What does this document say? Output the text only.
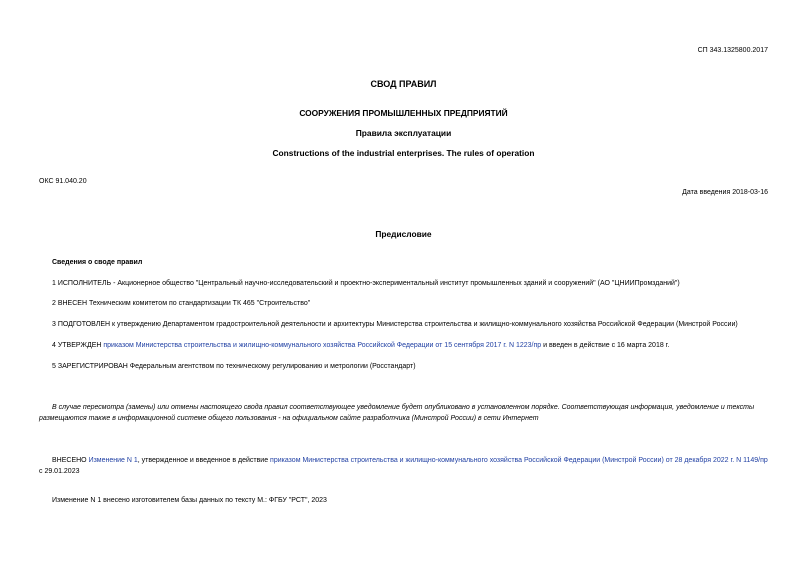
СП 343.1325800.2017
СВОД ПРАВИЛ
СООРУЖЕНИЯ ПРОМЫШЛЕННЫХ ПРЕДПРИЯТИЙ
Правила эксплуатации
Constructions of the industrial enterprises. The rules of operation
ОКС 91.040.20
Дата введения 2018-03-16
Предисловие
Сведения о своде правил
1 ИСПОЛНИТЕЛЬ - Акционерное общество "Центральный научно-исследовательский и проектно-экспериментальный институт промышленных зданий и сооружений" (АО "ЦНИИПромзданий")
2 ВНЕСЕН Техническим комитетом по стандартизации ТК 465 "Строительство"
3 ПОДГОТОВЛЕН к утверждению Департаментом градостроительной деятельности и архитектуры Министерства строительства и жилищно-коммунального хозяйства Российской Федерации (Минстрой России)
4 УТВЕРЖДЕН приказом Министерства строительства и жилищно-коммунального хозяйства Российской Федерации от 15 сентября 2017 г. N 1223/пр и введен в действие с 16 марта 2018 г.
5 ЗАРЕГИСТРИРОВАН Федеральным агентством по техническому регулированию и метрологии (Росстандарт)
В случае пересмотра (замены) или отмены настоящего свода правил соответствующее уведомление будет опубликовано в установленном порядке. Соответствующая информация, уведомление и тексты размещаются также в информационной системе общего пользования - на официальном сайте разработчика (Минстрой России) в сети Интернет
ВНЕСЕНО Изменение N 1, утвержденное и введенное в действие приказом Министерства строительства и жилищно-коммунального хозяйства Российской Федерации (Минстрой России) от 28 декабря 2022 г. N 1149/пр с 29.01.2023
Изменение N 1 внесено изготовителем базы данных по тексту М.: ФГБУ "РСТ", 2023
